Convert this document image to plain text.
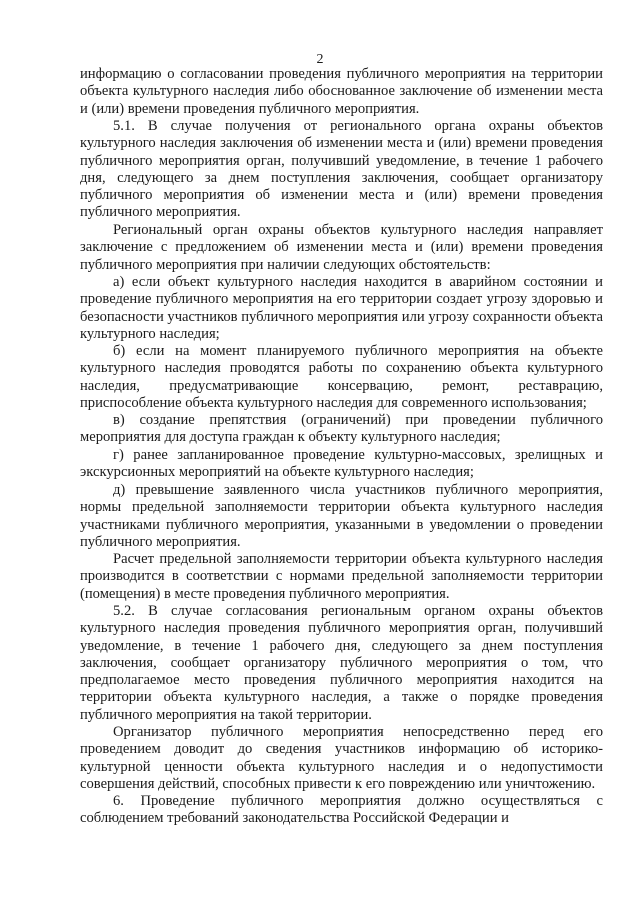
2

информацию о согласовании проведения публичного мероприятия на территории объекта культурного наследия либо обоснованное заключение об изменении места и (или) времени проведения публичного мероприятия.

5.1. В случае получения от регионального органа охраны объектов культурного наследия заключения об изменении места и (или) времени проведения публичного мероприятия орган, получивший уведомление, в течение 1 рабочего дня, следующего за днем поступления заключения, сообщает организатору публичного мероприятия об изменении места и (или) времени проведения публичного мероприятия.

Региональный орган охраны объектов культурного наследия направляет заключение с предложением об изменении места и (или) времени проведения публичного мероприятия при наличии следующих обстоятельств:

а) если объект культурного наследия находится в аварийном состоянии и проведение публичного мероприятия на его территории создает угрозу здоровью и безопасности участников публичного мероприятия или угрозу сохранности объекта культурного наследия;

б) если на момент планируемого публичного мероприятия на объекте культурного наследия проводятся работы по сохранению объекта культурного наследия, предусматривающие консервацию, ремонт, реставрацию, приспособление объекта культурного наследия для современного использования;

в) создание препятствия (ограничений) при проведении публичного мероприятия для доступа граждан к объекту культурного наследия;

г) ранее запланированное проведение культурно-массовых, зрелищных и экскурсионных мероприятий на объекте культурного наследия;

д) превышение заявленного числа участников публичного мероприятия, нормы предельной заполняемости территории объекта культурного наследия участниками публичного мероприятия, указанными в уведомлении о проведении публичного мероприятия.

Расчет предельной заполняемости территории объекта культурного наследия производится в соответствии с нормами предельной заполняемости территории (помещения) в месте проведения публичного мероприятия.

5.2. В случае согласования региональным органом охраны объектов культурного наследия проведения публичного мероприятия орган, получивший уведомление, в течение 1 рабочего дня, следующего за днем поступления заключения, сообщает организатору публичного мероприятия о том, что предполагаемое место проведения публичного мероприятия находится на территории объекта культурного наследия, а также о порядке проведения публичного мероприятия на такой территории.

Организатор публичного мероприятия непосредственно перед его проведением доводит до сведения участников информацию об историко-культурной ценности объекта культурного наследия и о недопустимости совершения действий, способных привести к его повреждению или уничтожению.

6. Проведение публичного мероприятия должно осуществляться с соблюдением требований законодательства Российской Федерации и
